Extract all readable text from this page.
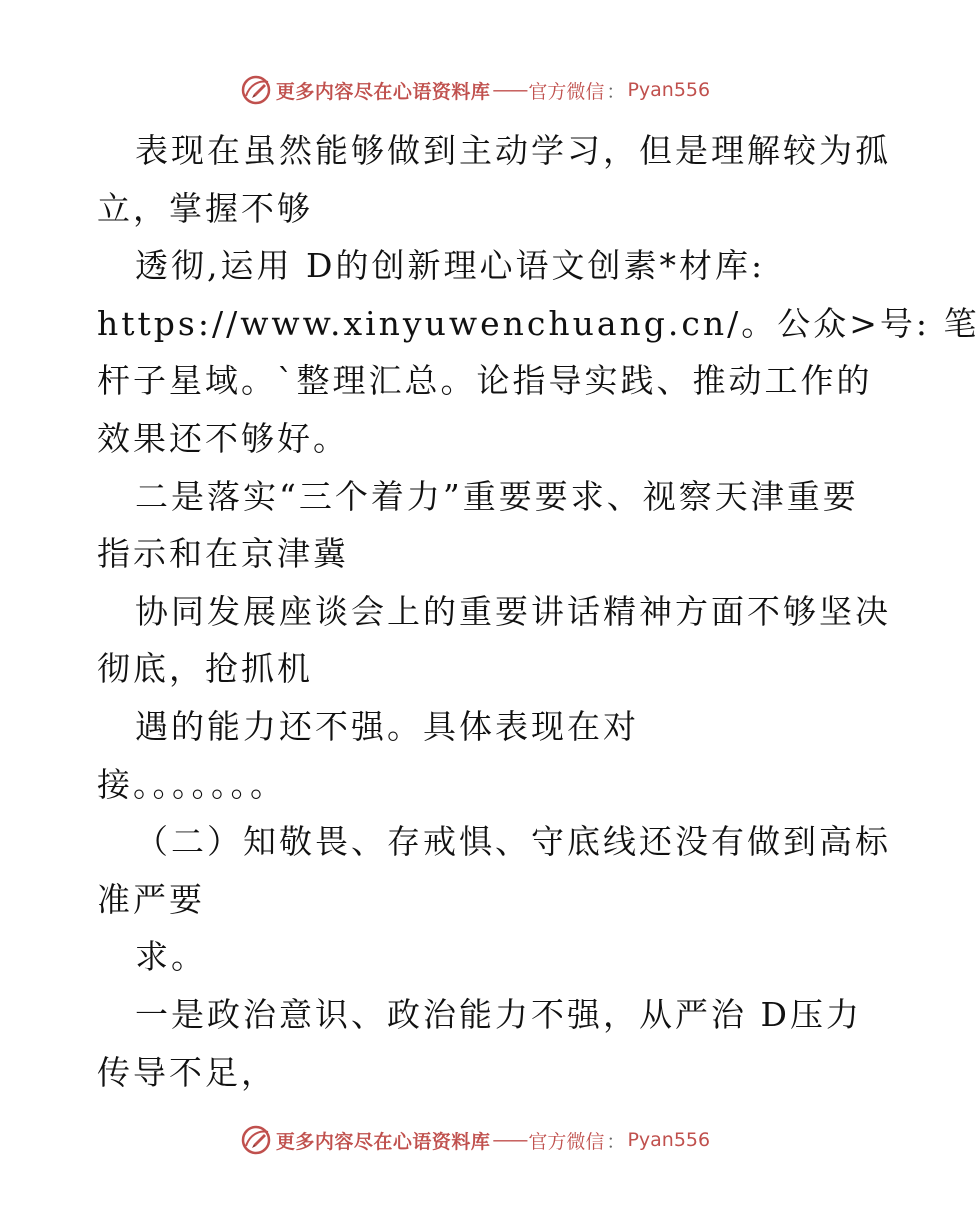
更多内容尽在心语资料库 —— 官方微信 ： Pyan556
表现在虽然能够做到主动学习，但是理解较为孤
立，掌握不够
透彻,运用 D的创新理心语文创素*材库:
https://www.xinyuwenchuang.cn/。公众>号: 笔
杆子星域。`整理汇总。论指导实践、推动工作的
效果还不够好。
二是落实“三个着力”重要要求、视察天津重要
指示和在京津冀
协同发展座谈会上的重要讲话精神方面不够坚决
彻底，抢抓机
遇的能力还不强。具体表现在对
接。。。。。。。
（二）知敬畏、存戒惧、守底线还没有做到高标
准严要
求。
一是政治意识、政治能力不强，从严治 D压力
传导不足，
更多内容尽在心语资料库 —— 官方微信 ： Pyan556
